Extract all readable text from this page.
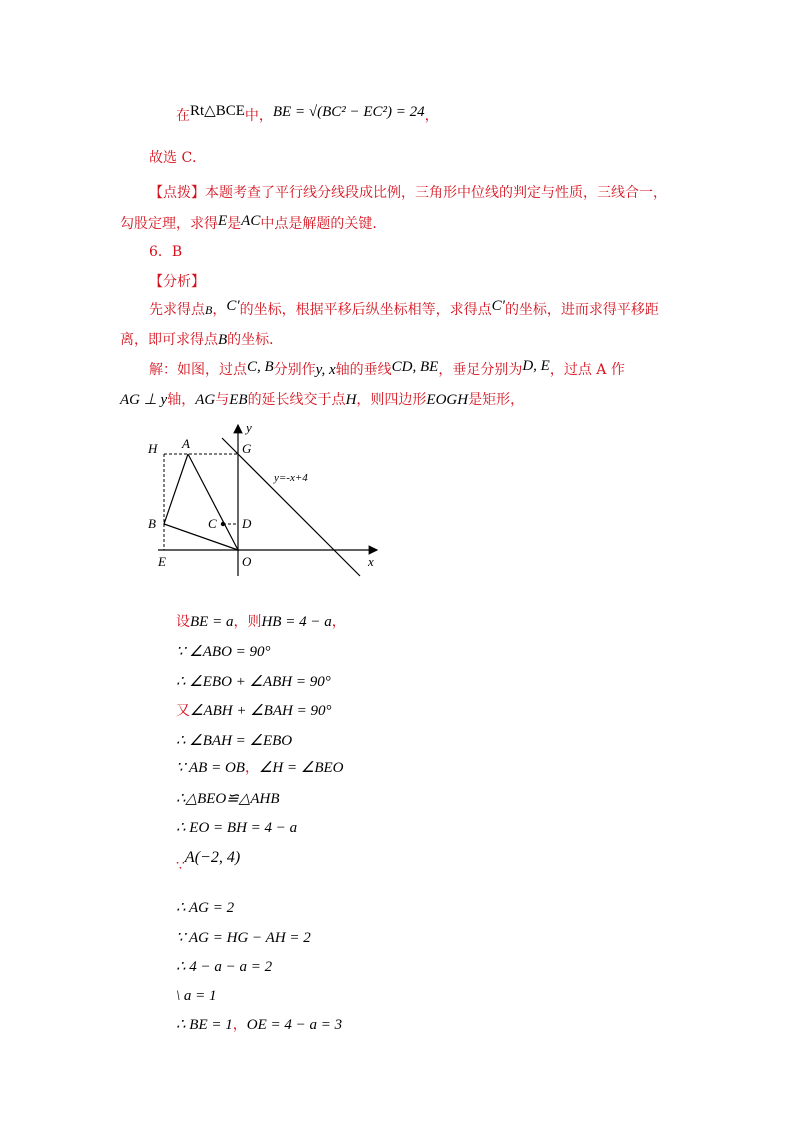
在Rt△BCE中，BE = √(BC² − EC²) = 24，
故选 C．
【点拨】本题考查了平行线分线段成比例，三角形中位线的判定与性质，三线合一，
勾股定理，求得E是AC中点是解题的关键．
6．B
【分析】
先求得点B，C′的坐标，根据平移后纵坐标相等，求得点C′的坐标，进而求得平移距
离，即可求得点B的坐标．
解：如图，过点C, B分别作y, x轴的垂线CD, BE，垂足分别为D, E，过点 A 作
AG ⊥ y轴，AG与EB的延长线交于点H，则四边形EOGH是矩形，
y
x
H A	G
y=-x+4
B	C D
E	O
设BE = a，则HB = 4 − a，
∵ ∠ABO = 90°
∴ ∠EBO + ∠ABH = 90°
又∠ABH + ∠BAH = 90°
∴ ∠BAH = ∠EBO
∵ AB = OB，∠H = ∠BEO
∴△BEO≌△AHB
∴ EO = BH = 4 − a
∵A(−2, 4)
∴ AG = 2
∵ AG = HG − AH = 2
∴ 4 − a − a = 2
\ a = 1
∴ BE = 1，OE = 4 − a = 3
